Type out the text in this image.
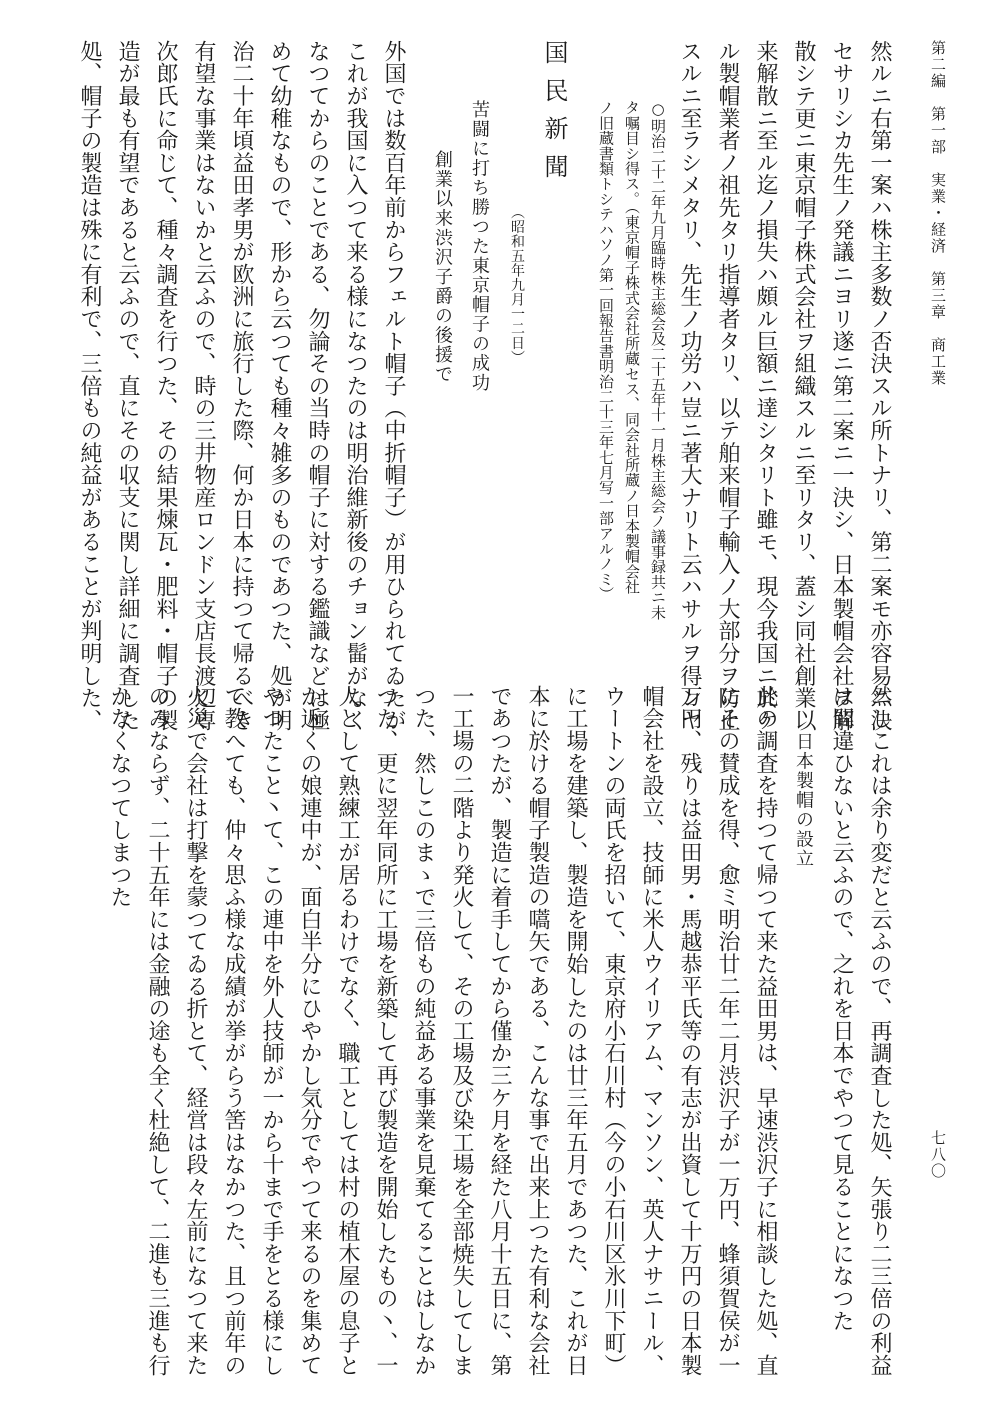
第二編　第一部　実業・経済　第三章　商工業
七八〇
然ルニ右第一案ハ株主多数ノ否決スル所トナリ、第二案モ亦容易ニ決
セサリシカ先生ノ発議ニヨリ遂ニ第二案ニ一決シ、日本製帽会社ヲ解
散シテ更ニ東京帽子株式会社ヲ組織スルニ至リタリ、蓋シ同社創業以
来解散ニ至ル迄ノ損失ハ頗ル巨額ニ達シタリト雖モ、現今我国ニ於ケ
ル製帽業者ノ祖先タリ指導者タリ、以テ舶来帽子輸入ノ大部分ヲ防止
スルニ至ラシメタリ、先生ノ功労ハ豈ニ著大ナリト云ハサルヲ得ンヤ
○明治二十二年九月臨時株主総会及二十五年十一月株主総会ノ議事録共ニ未
タ嘱目シ得ス。（東京帽子株式会社所蔵セス、同会社所蔵ノ日本製帽会社
ノ旧蔵書類トシテハソノ第一回報告書明治二十三年七月写一部アルノミ）
国民新聞
（昭和五年九月一二日）
苦闘に打ち勝つた東京帽子の成功
創業以来渋沢子爵の後援で
外国では数百年前からフェルト帽子（中折帽子）が用ひられてゐたが
これが我国に入つて来る様になつたのは明治維新後のチョン髷がなく
なつてからのことである、勿論その当時の帽子に対する鑑識などは極
めて幼稚なもので、形から云つても種々雑多のものであつた、処が明
治二十年頃益田孝男が欧洲に旅行した際、何か日本に持つて帰るべき
有望な事業はないかと云ふので、時の三井物産ロンドン支店長渡辺専
次郎氏に命じて、種々調査を行つた、その結果煉瓦・肥料・帽子の製
造が最も有望であると云ふので、直にその収支に関し詳細に調査した
処、帽子の製造は殊に有利で、三倍もの純益があることが判明した、
然しこれは余り変だと云ふので、再調査した処、矢張り二三倍の利益
は間違ひないと云ふので、之れを日本でやつて見ることになつた
日本製帽の設立
此の調査を持つて帰つて来た益田男は、早速渋沢子に相談した処、直
にその賛成を得、愈ミ明治廿二年二月渋沢子が一万円、蜂須賀侯が一
万円、残りは益田男・馬越恭平氏等の有志が出資して十万円の日本製
帽会社を設立、技師に米人ウイリアム、マンソン、英人ナサニール、
ウートンの両氏を招いて、東京府小石川村（今の小石川区氷川下町）
に工場を建築し、製造を開始したのは廿三年五月であつた、これが日
本に於ける帽子製造の嚆矢である、こんな事で出来上つた有利な会社
であつたが、製造に着手してから僅か三ケ月を経た八月十五日に、第
一工場の二階より発火して、その工場及び染工場を全部焼失してしま
つた、然しこのまゝで三倍もの純益ある事業を見棄てることはしなか
つた、更に翌年同所に工場を新築して再び製造を開始したもの丶、一
人として熟練工が居るわけでなく、職工としては村の植木屋の息子と
か近くの娘連中が、面白半分にひやかし気分でやつて来るのを集めて
やつたこと丶て、この連中を外人技師が一から十まで手をとる様にし
て教へても、仲々思ふ様な成績が挙がらう筈はなかつた、且つ前年の
火災で会社は打撃を蒙つてゐる折とて、経営は段々左前になつて来た
のみならず、二十五年には金融の途も全く杜絶して、二進も三進も行
かなくなつてしまつた
